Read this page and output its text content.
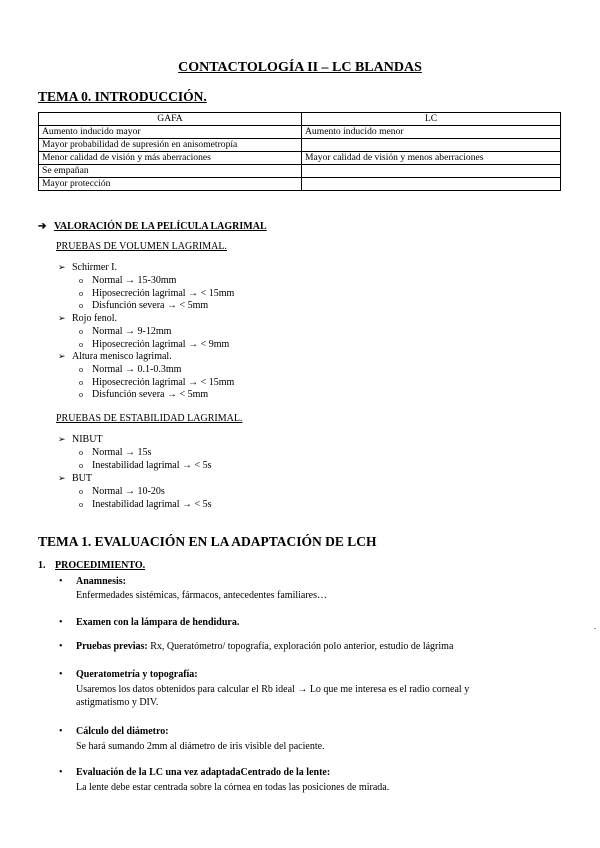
CONTACTOLOGÍA II – LC BLANDAS
TEMA 0. INTRODUCCIÓN.
GAFA	LC
Aumento inducido mayor	Aumento inducido menor
Mayor probabilidad de supresión en anisometropía	
Menor calidad de visión y más aberraciones	Mayor calidad de visión y menos aberraciones
Se empañan	
Mayor protección	
➔ VALORACIÓN DE LA PELÍCULA LAGRIMAL
PRUEBAS DE VOLUMEN LAGRIMAL.
➢ Schirmer I.
o Normal → 15-30mm
o Hiposecreción lagrimal → < 15mm
o Disfunción severa → < 5mm
➢ Rojo fenol.
o Normal → 9-12mm
o Hiposecreción lagrimal → < 9mm
➢ Altura menisco lagrimal.
o Normal → 0.1-0.3mm
o Hiposecreción lagrimal → < 15mm
o Disfunción severa → < 5mm
PRUEBAS DE ESTABILIDAD LAGRIMAL.
➢ NIBUT
o Normal → 15s
o Inestabilidad lagrimal → < 5s
➢ BUT
o Normal → 10-20s
o Inestabilidad lagrimal → < 5s
TEMA 1. EVALUACIÓN EN LA ADAPTACIÓN DE LCH
1. PROCEDIMIENTO.
• Anamnesis:
Enfermedades sistémicas, fármacos, antecedentes familiares…
• Examen con la lámpara de hendidura.
• Pruebas previas: Rx, Queratómetro/ topografía, exploración polo anterior, estudio de lágrima
• Queratometría y topografía:
Usaremos los datos obtenidos para calcular el Rb ideal → Lo que me interesa es el radio corneal y
astigmatismo y DIV.
• Cálculo del diámetro:
Se hará sumando 2mm al diámetro de iris visible del paciente.
• Evaluación de la LC una vez adaptadaCentrado de la lente:
La lente debe estar centrada sobre la córnea en todas las posiciones de mirada.
.
